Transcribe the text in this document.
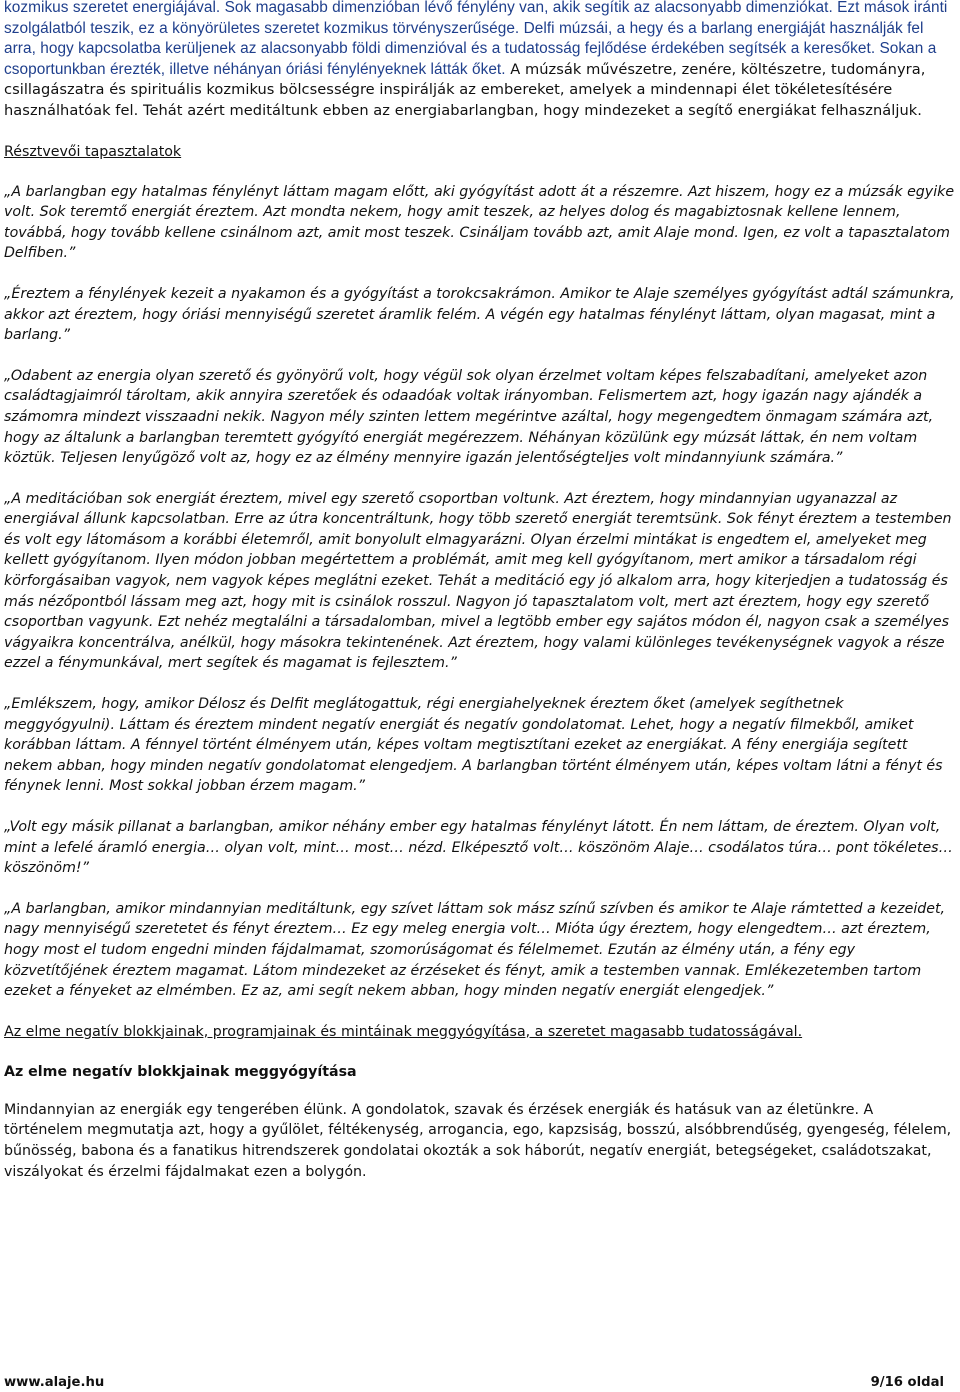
kozmikus szeretet energiájával. Sok magasabb dimenzióban lévő fénylény van, akik segítik az alacsonyabb dimenziókat. Ezt mások iránti szolgálatból teszik, ez a könyörületes szeretet kozmikus törvényszerűsége. Delfi múzsái, a hegy és a barlang energiáját használják fel arra, hogy kapcsolatba kerüljenek az alacsonyabb földi dimenzióval és a tudatosság fejlődése érdekében segítsék a keresőket. Sokan a csoportunkban érezték, illetve néhányan óriási fénylényeknek látták őket. A múzsák művészetre, zenére, költészetre, tudományra, csillagászatra és spirituális kozmikus bölcsességre inspirálják az embereket, amelyek a mindennapi élet tökéletesítésére használhatóak fel. Tehát azért meditáltunk ebben az energiabarlangban, hogy mindezeket a segítő energiákat felhasználjuk.

Résztvevői tapasztalatok

„A barlangban egy hatalmas fénylényt láttam magam előtt, aki gyógyítást adott át a részemre. Azt hiszem, hogy ez a múzsák egyike volt. Sok teremtő energiát éreztem. Azt mondta nekem, hogy amit teszek, az helyes dolog és magabiztosnak kellene lennem, továbbá, hogy tovább kellene csinálnom azt, amit most teszek. Csináljam tovább azt, amit Alaje mond. Igen, ez volt a tapasztalatom Delfiben.”

„Éreztem a fénylények kezeit a nyakamon és a gyógyítást a torokcsakrámon. Amikor te Alaje személyes gyógyítást adtál számunkra, akkor azt éreztem, hogy óriási mennyiségű szeretet áramlik felém. A végén egy hatalmas fénylényt láttam, olyan magasat, mint a barlang.”

„Odabent az energia olyan szerető és gyönyörű volt, hogy végül sok olyan érzelmet voltam képes felszabadítani, amelyeket azon családtagjaimról tároltam, akik annyira szeretőek és odaadóak voltak irányomban. Felismertem azt, hogy igazán nagy ajándék a számomra mindezt visszaadni nekik. Nagyon mély szinten lettem megérintve azáltal, hogy megengedtem önmagam számára azt, hogy az általunk a barlangban teremtett gyógyító energiát megérezzem. Néhányan közülünk egy múzsát láttak, én nem voltam köztük. Teljesen lenyűgöző volt az, hogy ez az élmény mennyire igazán jelentőségteljes volt mindannyiunk számára.”

„A meditációban sok energiát éreztem, mivel egy szerető csoportban voltunk. Azt éreztem, hogy mindannyian ugyanazzal az energiával állunk kapcsolatban. Erre az útra koncentráltunk, hogy több szerető energiát teremtsünk. Sok fényt éreztem a testemben és volt egy látomásom a korábbi életemről, amit bonyolult elmagyarázni. Olyan érzelmi mintákat is engedtem el, amelyeket meg kellett gyógyítanom. Ilyen módon jobban megértettem a problémát, amit meg kell gyógyítanom, mert amikor a társadalom régi körforgásaiban vagyok, nem vagyok képes meglátni ezeket. Tehát a meditáció egy jó alkalom arra, hogy kiterjedjen a tudatosság és más nézőpontból lássam meg azt, hogy mit is csinálok rosszul. Nagyon jó tapasztalatom volt, mert azt éreztem, hogy egy szerető csoportban vagyunk. Ezt nehéz megtalálni a társadalomban, mivel a legtöbb ember egy sajátos módon él, nagyon csak a személyes vágyaikra koncentrálva, anélkül, hogy másokra tekintenének. Azt éreztem, hogy valami különleges tevékenységnek vagyok a része ezzel a fénymunkával, mert segítek és magamat is fejlesztem.”

„Emlékszem, hogy, amikor Délosz és Delfit meglátogattuk, régi energiahelyeknek éreztem őket (amelyek segíthetnek meggyógyulni). Láttam és éreztem mindent negatív energiát és negatív gondolatomat. Lehet, hogy a negatív filmekből, amiket korábban láttam. A fénnyel történt élményem után, képes voltam megtisztítani ezeket az energiákat. A fény energiája segített nekem abban, hogy minden negatív gondolatomat elengedjem. A barlangban történt élményem után, képes voltam látni a fényt és fénynek lenni. Most sokkal jobban érzem magam.”

„Volt egy másik pillanat a barlangban, amikor néhány ember egy hatalmas fénylényt látott. Én nem láttam, de éreztem. Olyan volt, mint a lefelé áramló energia… olyan volt, mint… most… nézd. Elképesztő volt… köszönöm Alaje… csodálatos túra… pont tökéletes… köszönöm!”

„A barlangban, amikor mindannyian meditáltunk, egy szívet láttam sok mász színű szívben és amikor te Alaje rámtetted a kezeidet, nagy mennyiségű szeretetet és fényt éreztem… Ez egy meleg energia volt… Mióta úgy éreztem, hogy elengedtem… azt éreztem, hogy most el tudom engedni minden fájdalmamat, szomorúságomat és félelmemet. Ezután az élmény után, a fény egy közvetítőjének éreztem magamat. Látom mindezeket az érzéseket és fényt, amik a testemben vannak. Emlékezetemben tartom ezeket a fényeket az elmémben. Ez az, ami segít nekem abban, hogy minden negatív energiát elengedjek.”

Az elme negatív blokkjainak, programjainak és mintáinak meggyógyítása, a szeretet magasabb tudatosságával.

Az elme negatív blokkjainak meggyógyítása

Mindannyian az energiák egy tengerében élünk. A gondolatok, szavak és érzések energiák és hatásuk van az életünkre. A történelem megmutatja azt, hogy a gyűlölet, féltékenység, arrogancia, ego, kapzsiság, bosszú, alsóbbrendűség, gyengeség, félelem, bűnösség, babona és a fanatikus hitrendszerek gondolatai okozták a sok háborút, negatív energiát, betegségeket, családotszakat, viszályokat és érzelmi fájdalmakat ezen a bolygón.

www.alaje.hu	9/16 oldal
